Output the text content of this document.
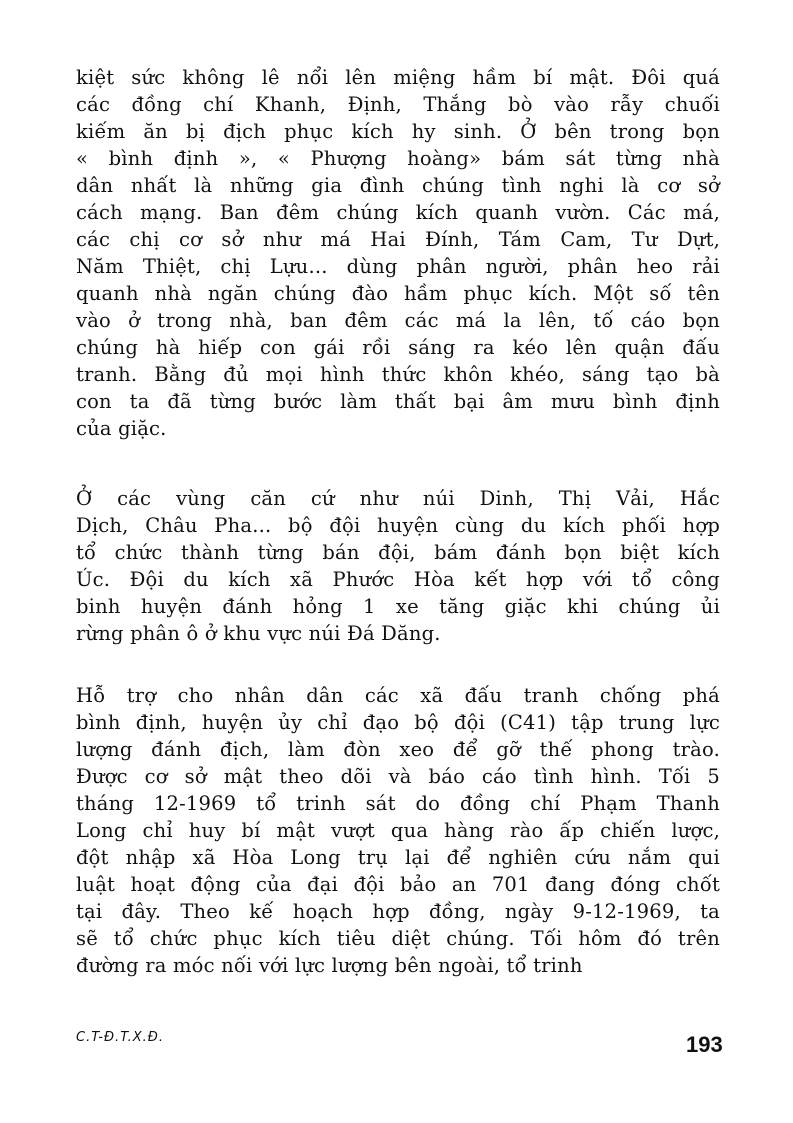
kiệt sức không lê nổi lên miệng hầm bí mật. Đôi quá
các đồng chí Khanh, Định, Thắng bò vào rẫy chuối
kiếm ăn bị địch phục kích hy sinh. Ở bên trong bọn
« bình định », « Phượng hoàng» bám sát từng nhà
dân nhất là những gia đình chúng tình nghi là cơ sở
cách mạng. Ban đêm chúng kích quanh vườn. Các má,
các chị cơ sở như má Hai Đính, Tám Cam, Tư Dựt,
Năm Thiệt, chị Lựu... dùng phân người, phân heo rải
quanh nhà ngăn chúng đào hầm phục kích. Một số tên
vào ở trong nhà, ban đêm các má la lên, tố cáo bọn
chúng hà hiếp con gái rồi sáng ra kéo lên quận đấu
tranh. Bằng đủ mọi hình thức khôn khéo, sáng tạo bà
con ta đã từng bước làm thất bại âm mưu bình định
của giặc.
Ở các vùng căn cứ như núi Dinh, Thị Vải, Hắc
Dịch, Châu Pha... bộ đội huyện cùng du kích phối hợp
tổ chức thành từng bán đội, bám đánh bọn biệt kích
Úc. Đội du kích xã Phước Hòa kết hợp với tổ công
binh huyện đánh hỏng 1 xe tăng giặc khi chúng ủi
rừng phân ô ở khu vực núi Đá Dăng.
Hỗ trợ cho nhân dân các xã đấu tranh chống phá
bình định, huyện ủy chỉ đạo bộ đội (C41) tập trung lực
lượng đánh địch, làm đòn xeo để gỡ thế phong trào.
Được cơ sở mật theo dõi và báo cáo tình hình. Tối 5
tháng 12-1969 tổ trinh sát do đồng chí Phạm Thanh
Long chỉ huy bí mật vượt qua hàng rào ấp chiến lược,
đột nhập xã Hòa Long trụ lại để nghiên cứu nắm qui
luật hoạt động của đại đội bảo an 701 đang đóng chốt
tại đây. Theo kế hoạch hợp đồng, ngày 9-12-1969, ta
sẽ tổ chức phục kích tiêu diệt chúng. Tối hôm đó trên
đường ra móc nối với lực lượng bên ngoài, tổ trinh
C.T-Đ.T.X.Đ.	193
